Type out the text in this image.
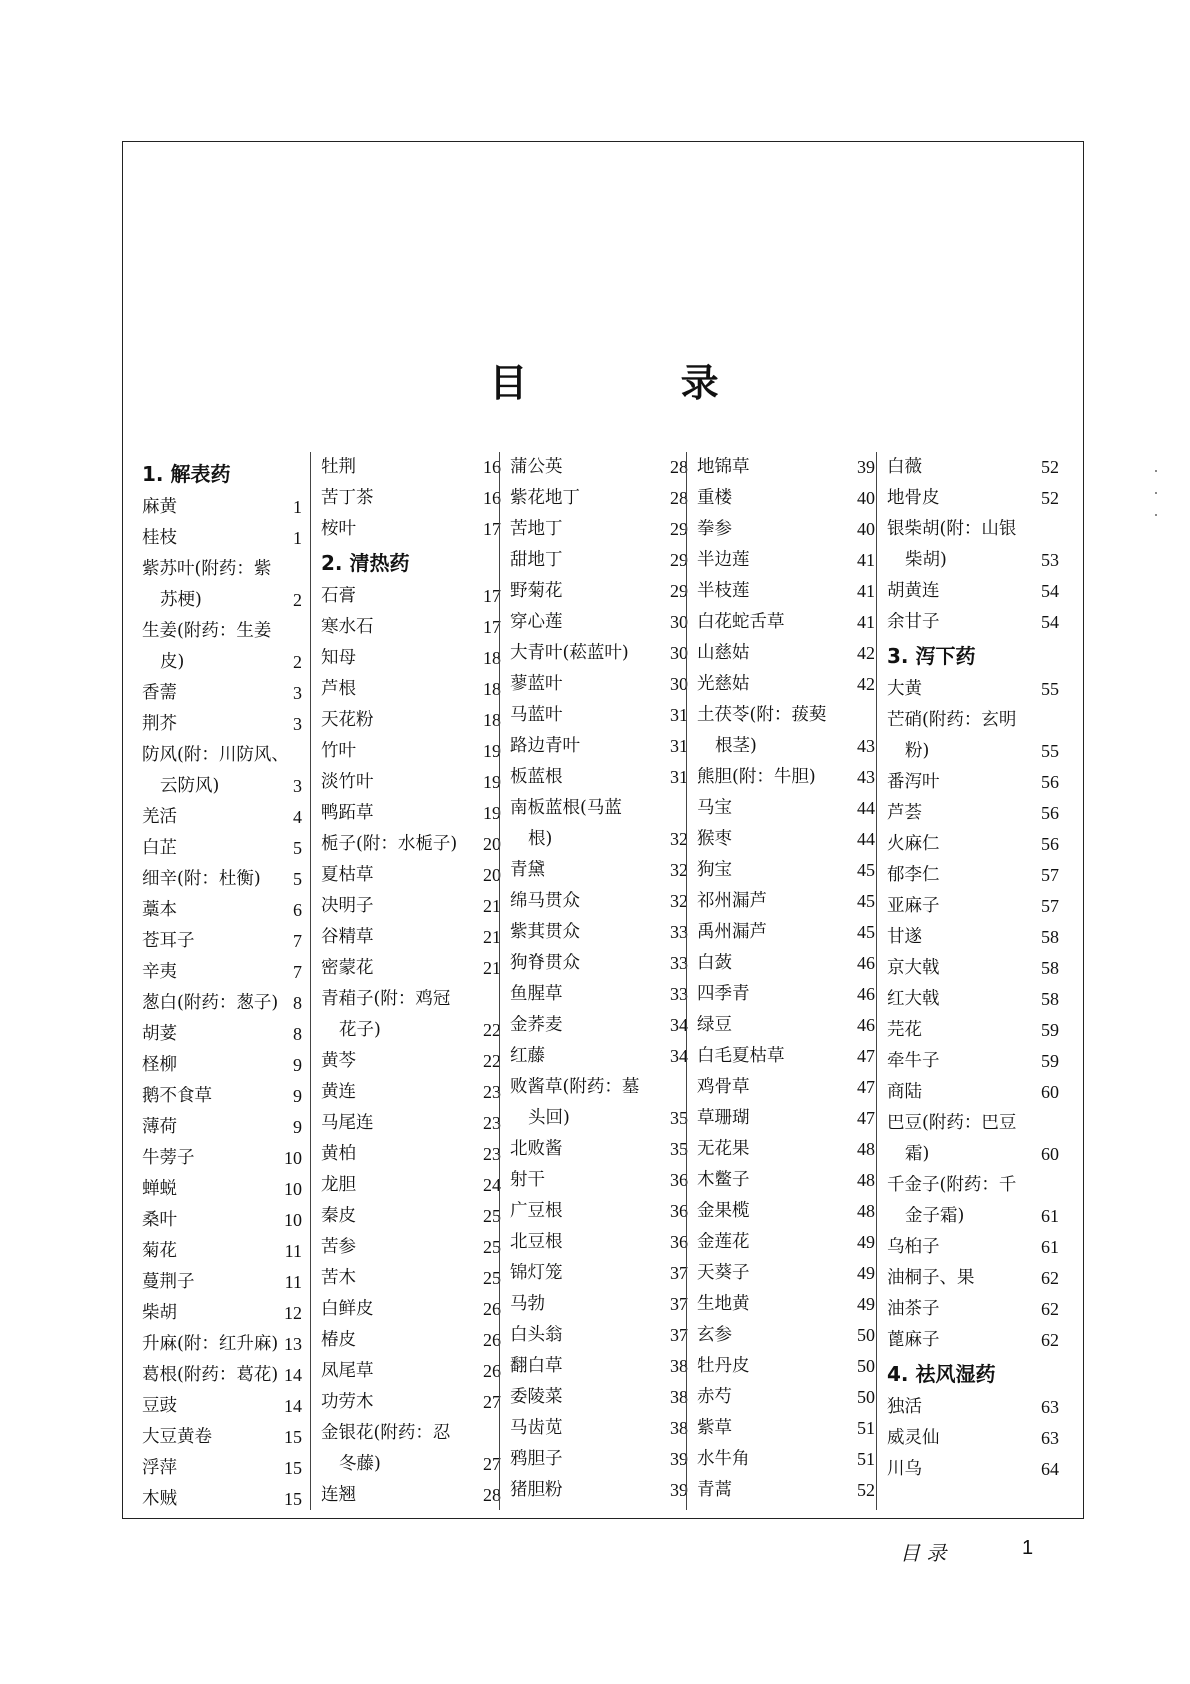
目 录
1. 解表药
麻黄	1
桂枝	1
紫苏叶(附药：紫
苏梗)	2
生姜(附药：生姜
皮)	2
香薷	3
荆芥	3
防风(附：川防风、
云防风)	3
羌活	4
白芷	5
细辛(附：杜衡) 5
藁本	6
苍耳子	7
辛夷	7
葱白(附药：葱子) 8
胡荽	8
柽柳	9
鹅不食草	9
薄荷	9
牛蒡子	10
蝉蜕	10
桑叶	10
菊花	11
蔓荆子	11
柴胡	12
升麻(附：红升麻) 13
葛根(附药：葛花) 14
豆豉	14
大豆黄卷	15
浮萍	15
木贼	15
牡荆	16
苦丁茶	16
桉叶	17
2. 清热药
石膏	17
寒水石	17
知母	18
芦根	18
天花粉	18
竹叶	19
淡竹叶	19
鸭跖草	19
栀子(附：水栀子) 20
夏枯草	20
决明子	21
谷精草	21
密蒙花	21
青葙子(附：鸡冠
花子)	22
黄芩	22
黄连	23
马尾连	23
黄柏	23
龙胆	24
秦皮	25
苦参	25
苦木	25
白鲜皮	26
椿皮	26
凤尾草	26
功劳木	27
金银花(附药：忍
冬藤)	27
连翘	28
蒲公英	28
紫花地丁	28
苦地丁	29
甜地丁	29
野菊花	29
穿心莲	30
大青叶(菘蓝叶) 30
蓼蓝叶	30
马蓝叶	31
路边青叶	31
板蓝根	31
南板蓝根(马蓝
根)	32
青黛	32
绵马贯众	32
紫萁贯众	33
狗脊贯众	33
鱼腥草	33
金荞麦	34
红藤	34
败酱草(附药：墓
头回)	35
北败酱	35
射干	36
广豆根	36
北豆根	36
锦灯笼	37
马勃	37
白头翁	37
翻白草	38
委陵菜	38
马齿苋	38
鸦胆子	39
猪胆粉	39
地锦草	39
重楼	40
拳参	40
半边莲	41
半枝莲	41
白花蛇舌草	41
山慈姑	42
光慈姑	42
土茯苓(附：菝葜
根茎)	43
熊胆(附：牛胆) 43
马宝	44
猴枣	44
狗宝	45
祁州漏芦	45
禹州漏芦	45
白蔹	46
四季青	46
绿豆	46
白毛夏枯草	47
鸡骨草	47
草珊瑚	47
无花果	48
木鳖子	48
金果榄	48
金莲花	49
天葵子	49
生地黄	49
玄参	50
牡丹皮	50
赤芍	50
紫草	51
水牛角	51
青蒿	52
白薇	52
地骨皮	52
银柴胡(附：山银
柴胡)	53
胡黄连	54
余甘子	54
3. 泻下药
大黄	55
芒硝(附药：玄明
粉)	55
番泻叶	56
芦荟	56
火麻仁	56
郁李仁	57
亚麻子	57
甘遂	58
京大戟	58
红大戟	58
芫花	59
牵牛子	59
商陆	60
巴豆(附药：巴豆
霜)	60
千金子(附药：千
金子霜)	61
乌桕子	61
油桐子、果	62
油茶子	62
蓖麻子	62
4. 祛风湿药
独活	63
威灵仙	63
川乌	64
目 录	1
